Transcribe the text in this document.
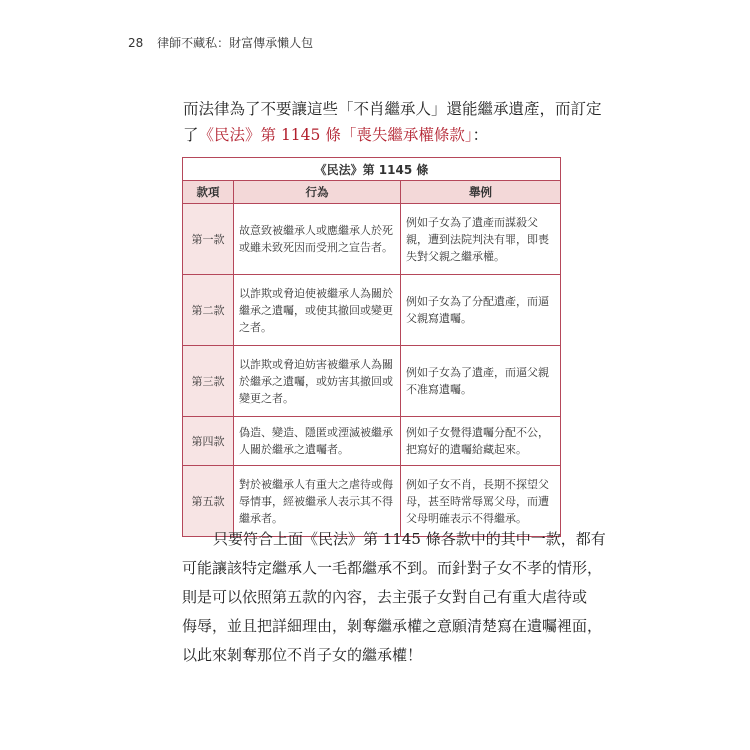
28 律師不藏私：財富傳承懶人包
而法律為了不要讓這些「不肖繼承人」還能繼承遺產，而訂定
了《民法》第 1145 條「喪失繼承權條款」：
《民法》第 1145 條		
款項	行為	舉例
第一款	故意致被繼承人或應繼承人於死或雖未致死因而受刑之宣告者。	例如子女為了遺產而謀殺父親，遭到法院判決有罪，即喪失對父親之繼承權。
第二款	以詐欺或脅迫使被繼承人為關於繼承之遺囑，或使其撤回或變更之者。	例如子女為了分配遺產，而逼父親寫遺囑。
第三款	以詐欺或脅迫妨害被繼承人為關於繼承之遺囑，或妨害其撤回或變更之者。	例如子女為了遺產，而逼父親不准寫遺囑。
第四款	偽造、變造、隱匿或湮滅被繼承人關於繼承之遺囑者。	例如子女覺得遺囑分配不公，把寫好的遺囑給藏起來。
第五款	對於被繼承人有重大之虐待或侮辱情事，經被繼承人表示其不得繼承者。	例如子女不肖，長期不探望父母，甚至時常辱罵父母，而遭父母明確表示不得繼承。
只要符合上面《民法》第 1145 條各款中的其中一款，都有
可能讓該特定繼承人一毛都繼承不到。而針對子女不孝的情形，
則是可以依照第五款的內容，去主張子女對自己有重大虐待或
侮辱，並且把詳細理由，剝奪繼承權之意願清楚寫在遺囑裡面，
以此來剝奪那位不肖子女的繼承權！
